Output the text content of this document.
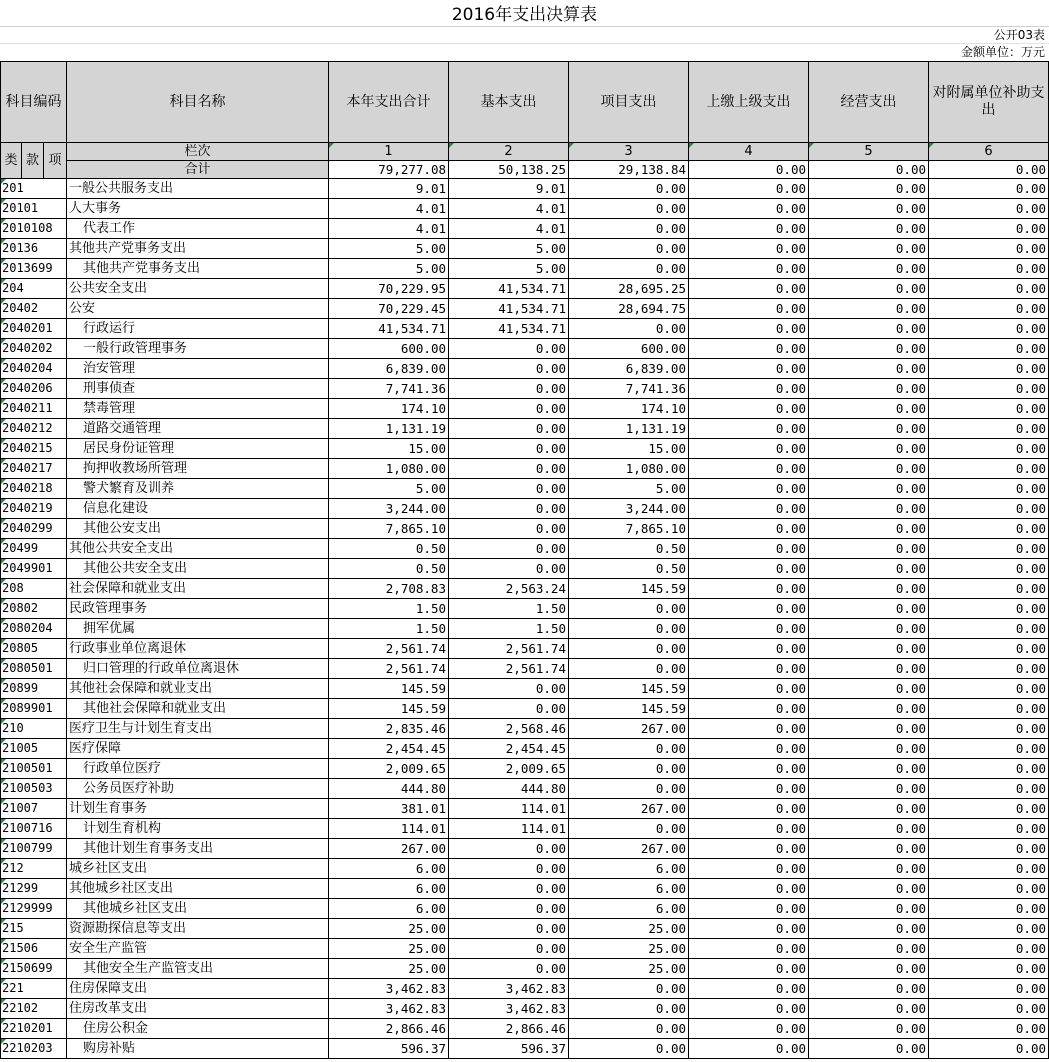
2016年支出决算表
公开03表
金额单位：万元
科目编码			科目名称	本年支出合计	基本支出	项目支出	上缴上级支出	经营支出	对附属单位补助支出
类	款	项	栏次	1	2	3	4	5	6
			合计	79,277.08	50,138.25	29,138.84	0.00	0.00	0.00
201			一般公共服务支出	9.01	9.01	0.00	0.00	0.00	0.00
20101			人大事务	4.01	4.01	0.00	0.00	0.00	0.00
2010108			代表工作	4.01	4.01	0.00	0.00	0.00	0.00
20136			其他共产党事务支出	5.00	5.00	0.00	0.00	0.00	0.00
2013699			其他共产党事务支出	5.00	5.00	0.00	0.00	0.00	0.00
204			公共安全支出	70,229.95	41,534.71	28,695.25	0.00	0.00	0.00
20402			公安	70,229.45	41,534.71	28,694.75	0.00	0.00	0.00
2040201			行政运行	41,534.71	41,534.71	0.00	0.00	0.00	0.00
2040202			一般行政管理事务	600.00	0.00	600.00	0.00	0.00	0.00
2040204			治安管理	6,839.00	0.00	6,839.00	0.00	0.00	0.00
2040206			刑事侦查	7,741.36	0.00	7,741.36	0.00	0.00	0.00
2040211			禁毒管理	174.10	0.00	174.10	0.00	0.00	0.00
2040212			道路交通管理	1,131.19	0.00	1,131.19	0.00	0.00	0.00
2040215			居民身份证管理	15.00	0.00	15.00	0.00	0.00	0.00
2040217			拘押收教场所管理	1,080.00	0.00	1,080.00	0.00	0.00	0.00
2040218			警犬繁育及训养	5.00	0.00	5.00	0.00	0.00	0.00
2040219			信息化建设	3,244.00	0.00	3,244.00	0.00	0.00	0.00
2040299			其他公安支出	7,865.10	0.00	7,865.10	0.00	0.00	0.00
20499			其他公共安全支出	0.50	0.00	0.50	0.00	0.00	0.00
2049901			其他公共安全支出	0.50	0.00	0.50	0.00	0.00	0.00
208			社会保障和就业支出	2,708.83	2,563.24	145.59	0.00	0.00	0.00
20802			民政管理事务	1.50	1.50	0.00	0.00	0.00	0.00
2080204			拥军优属	1.50	1.50	0.00	0.00	0.00	0.00
20805			行政事业单位离退休	2,561.74	2,561.74	0.00	0.00	0.00	0.00
2080501			归口管理的行政单位离退休	2,561.74	2,561.74	0.00	0.00	0.00	0.00
20899			其他社会保障和就业支出	145.59	0.00	145.59	0.00	0.00	0.00
2089901			其他社会保障和就业支出	145.59	0.00	145.59	0.00	0.00	0.00
210			医疗卫生与计划生育支出	2,835.46	2,568.46	267.00	0.00	0.00	0.00
21005			医疗保障	2,454.45	2,454.45	0.00	0.00	0.00	0.00
2100501			行政单位医疗	2,009.65	2,009.65	0.00	0.00	0.00	0.00
2100503			公务员医疗补助	444.80	444.80	0.00	0.00	0.00	0.00
21007			计划生育事务	381.01	114.01	267.00	0.00	0.00	0.00
2100716			计划生育机构	114.01	114.01	0.00	0.00	0.00	0.00
2100799			其他计划生育事务支出	267.00	0.00	267.00	0.00	0.00	0.00
212			城乡社区支出	6.00	0.00	6.00	0.00	0.00	0.00
21299			其他城乡社区支出	6.00	0.00	6.00	0.00	0.00	0.00
2129999			其他城乡社区支出	6.00	0.00	6.00	0.00	0.00	0.00
215			资源勘探信息等支出	25.00	0.00	25.00	0.00	0.00	0.00
21506			安全生产监管	25.00	0.00	25.00	0.00	0.00	0.00
2150699			其他安全生产监管支出	25.00	0.00	25.00	0.00	0.00	0.00
221			住房保障支出	3,462.83	3,462.83	0.00	0.00	0.00	0.00
22102			住房改革支出	3,462.83	3,462.83	0.00	0.00	0.00	0.00
2210201			住房公积金	2,866.46	2,866.46	0.00	0.00	0.00	0.00
2210203			购房补贴	596.37	596.37	0.00	0.00	0.00	0.00
